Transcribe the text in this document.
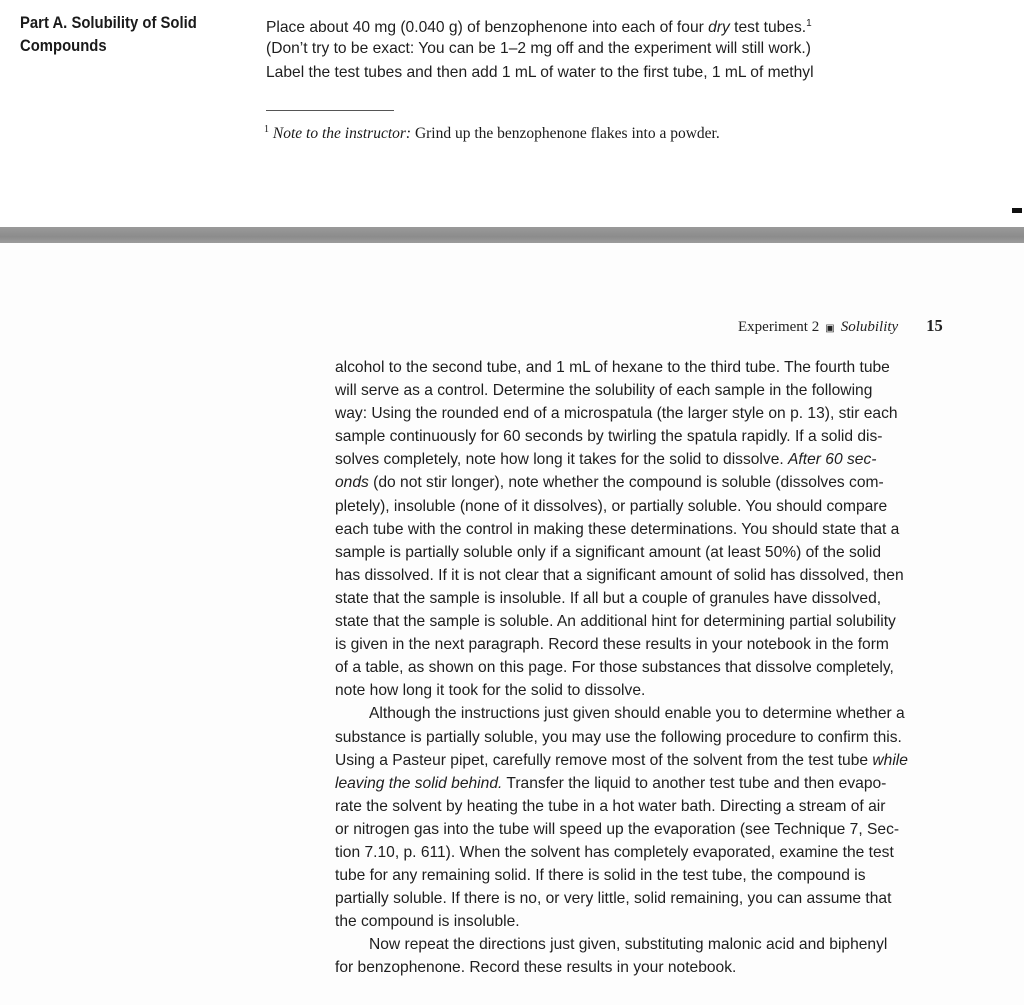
Part A. Solubility of Solid
Compounds
Place about 40 mg (0.040 g) of benzophenone into each of four dry test tubes.$^1$
(Don’t try to be exact: You can be 1–2 mg off and the experiment will still work.)
Label the test tubes and then add 1 mL of water to the first tube, 1 mL of methyl
$^1$ Note to the instructor: Grind up the benzophenone flakes into a powder.
Experiment 2 ▣ Solubility 15
alcohol to the second tube, and 1 mL of hexane to the third tube. The fourth tube
will serve as a control. Determine the solubility of each sample in the following
way: Using the rounded end of a microspatula (the larger style on p. 13), stir each
sample continuously for 60 seconds by twirling the spatula rapidly. If a solid dis-
solves completely, note how long it takes for the solid to dissolve. After 60 sec-
onds (do not stir longer), note whether the compound is soluble (dissolves com-
pletely), insoluble (none of it dissolves), or partially soluble. You should compare
each tube with the control in making these determinations. You should state that a
sample is partially soluble only if a significant amount (at least 50%) of the solid
has dissolved. If it is not clear that a significant amount of solid has dissolved, then
state that the sample is insoluble. If all but a couple of granules have dissolved,
state that the sample is soluble. An additional hint for determining partial solubility
is given in the next paragraph. Record these results in your notebook in the form
of a table, as shown on this page. For those substances that dissolve completely,
note how long it took for the solid to dissolve.
Although the instructions just given should enable you to determine whether a
substance is partially soluble, you may use the following procedure to confirm this.
Using a Pasteur pipet, carefully remove most of the solvent from the test tube while
leaving the solid behind. Transfer the liquid to another test tube and then evapo-
rate the solvent by heating the tube in a hot water bath. Directing a stream of air
or nitrogen gas into the tube will speed up the evaporation (see Technique 7, Sec-
tion 7.10, p. 611). When the solvent has completely evaporated, examine the test
tube for any remaining solid. If there is solid in the test tube, the compound is
partially soluble. If there is no, or very little, solid remaining, you can assume that
the compound is insoluble.
Now repeat the directions just given, substituting malonic acid and biphenyl
for benzophenone. Record these results in your notebook.
